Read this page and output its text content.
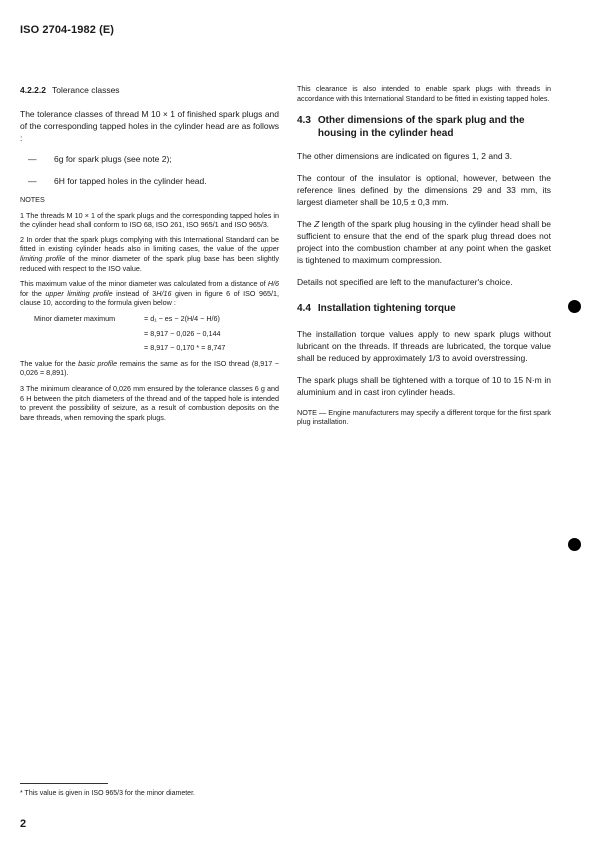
ISO 2704-1982 (E)

4.2.2.2 Tolerance classes

The tolerance classes of thread M 10 × 1 of finished spark plugs and of the corresponding tapped holes in the cylinder head are as follows :

—	6g for spark plugs (see note 2);
—	6H for tapped holes in the cylinder head.

NOTES

1 The threads M 10 × 1 of the spark plugs and the corresponding tapped holes in the cylinder head shall conform to ISO 68, ISO 261, ISO 965/1 and ISO 965/3.

2 In order that the spark plugs complying with this International Standard can be fitted in existing cylinder heads also in limiting cases, the value of the upper limiting profile of the minor diameter of the spark plug base has been slightly reduced with respect to the ISO value.

This maximum value of the minor diameter was calculated from a distance of H/6 for the upper limiting profile instead of 3H/16 given in figure 6 of ISO 965/1, clause 10, according to the formula given below :

Minor diameter maximum	= d₁ − es − 2(H/4 − H/6)
= 8,917 − 0,026 − 0,144
= 8,917 − 0,170 * = 8,747

The value for the basic profile remains the same as for the ISO thread (8,917 − 0,026 = 8,891).

3 The minimum clearance of 0,026 mm ensured by the tolerance classes 6 g and 6 H between the pitch diameters of the thread and of the tapped hole is intended to prevent the possibility of seizure, as a result of combustion deposits on the bare threads, when removing the spark plugs.

This clearance is also intended to enable spark plugs with threads in accordance with this International Standard to be fitted in existing tapped holes.

4.3 Other dimensions of the spark plug and the housing in the cylinder head

The other dimensions are indicated on figures 1, 2 and 3.

The contour of the insulator is optional, however, between the reference lines defined by the dimensions 29 and 33 mm, its largest diameter shall be 10,5 ± 0,3 mm.

The Z length of the spark plug housing in the cylinder head shall be sufficient to ensure that the end of the spark plug thread does not project into the combustion chamber at any point when the gasket is tightened to maximum compression.

Details not specified are left to the manufacturer's choice.

4.4 Installation tightening torque

The installation torque values apply to new spark plugs without lubricant on the threads. If threads are lubricated, the torque value shall be reduced by approximately 1/3 to avoid overstressing.

The spark plugs shall be tightened with a torque of 10 to 15 N·m in aluminium and in cast iron cylinder heads.

NOTE — Engine manufacturers may specify a different torque for the first spark plug installation.

* This value is given in ISO 965/3 for the minor diameter.
2
